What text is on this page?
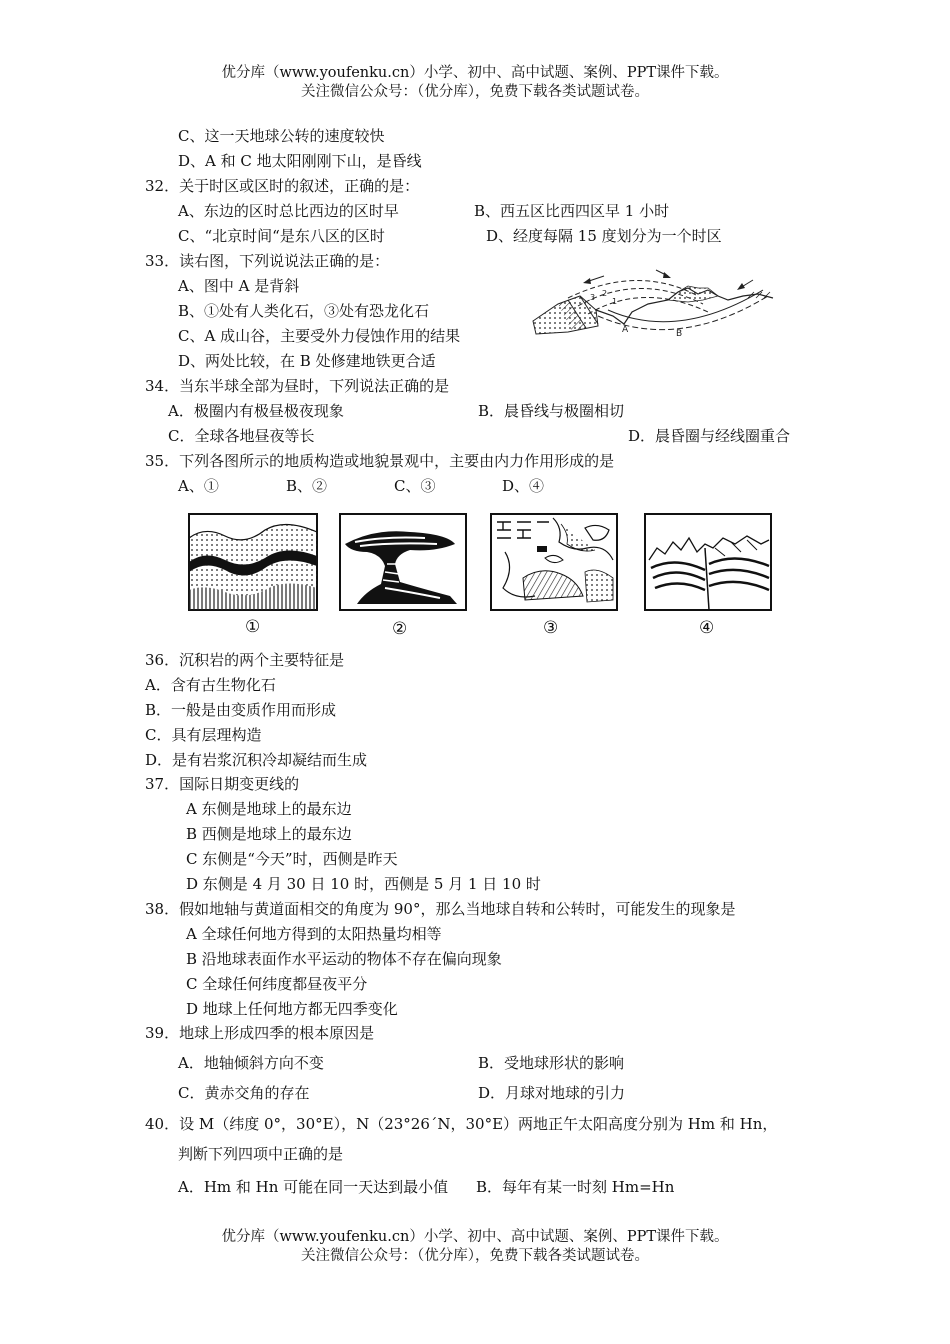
优分库（www.youfenku.cn）小学、初中、高中试题、案例、PPT课件下载。
关注微信公众号：（优分库），免费下载各类试题试卷。
C、这一天地球公转的速度较快
D、A 和 C 地太阳刚刚下山，是昏线
32．关于时区或区时的叙述，正确的是：
A、东边的区时总比西边的区时早	B、西五区比西四区早 1 小时
C、“北京时间“是东八区的区时	D、经度每隔 15 度划分为一个时区
33．读右图，下列说说法正确的是：
A、图中 A 是背斜
B、①处有人类化石，③处有恐龙化石
C、A 成山谷，主要受外力侵蚀作用的结果
D、两处比较，在 B 处修建地铁更合适
3 2
1
A	B
34．当东半球全部为昼时，下列说法正确的是
A．极圈内有极昼极夜现象	B．晨昏线与极圈相切
C．全球各地昼夜等长	D．晨昏圈与经线圈重合
35．下列各图所示的地质构造或地貌景观中，主要由内力作用形成的是
A、①	B、②	C、③	D、④
①	②	③	④
36．沉积岩的两个主要特征是
A．含有古生物化石
B．一般是由变质作用而形成
C．具有层理构造
D．是有岩浆沉积冷却凝结而生成
37．国际日期变更线的
A 东侧是地球上的最东边
B 西侧是地球上的最东边
C 东侧是“今天”时，西侧是昨天
D 东侧是 4 月 30 日 10 时，西侧是 5 月 1 日 10 时
38．假如地轴与黄道面相交的角度为 90°，那么当地球自转和公转时，可能发生的现象是
A 全球任何地方得到的太阳热量均相等
B 沿地球表面作水平运动的物体不存在偏向现象
C 全球任何纬度都昼夜平分
D 地球上任何地方都无四季变化
39．地球上形成四季的根本原因是
A．地轴倾斜方向不变	B．受地球形状的影响
C．黄赤交角的存在	D．月球对地球的引力
40．设 M（纬度 0°，30°E），N（23°26´N，30°E）两地正午太阳高度分别为 Hm 和 Hn，
判断下列四项中正确的是
A．Hm 和 Hn 可能在同一天达到最小值 B．每年有某一时刻 Hm=Hn
优分库（www.youfenku.cn）小学、初中、高中试题、案例、PPT课件下载。
关注微信公众号：（优分库），免费下载各类试题试卷。
